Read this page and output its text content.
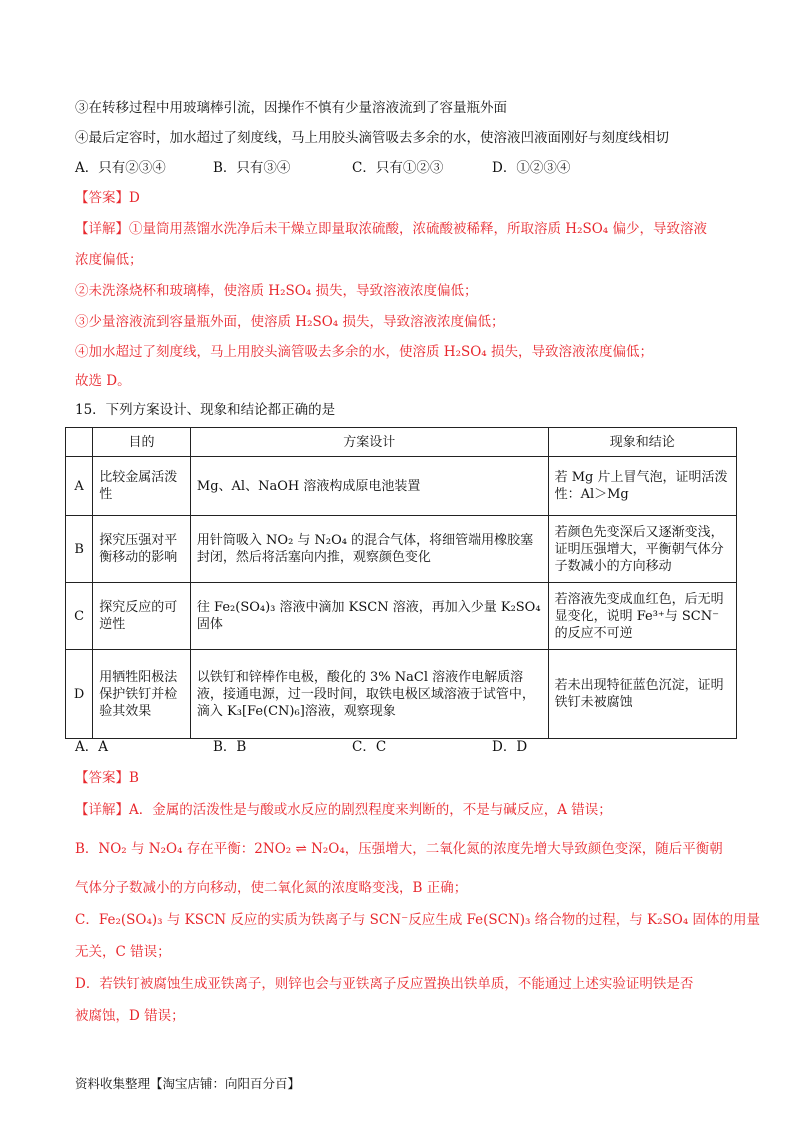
③在转移过程中用玻璃棒引流，因操作不慎有少量溶液流到了容量瓶外面
④最后定容时，加水超过了刻度线，马上用胶头滴管吸去多余的水，使溶液凹液面刚好与刻度线相切
A．只有②③④	B．只有③④	C．只有①②③	D．①②③④
【答案】D
【详解】①量筒用蒸馏水洗净后未干燥立即量取浓硫酸，浓硫酸被稀释，所取溶质 H₂SO₄ 偏少，导致溶液
浓度偏低；
②未洗涤烧杯和玻璃棒，使溶质 H₂SO₄ 损失，导致溶液浓度偏低；
③少量溶液流到容量瓶外面，使溶质 H₂SO₄ 损失，导致溶液浓度偏低；
④加水超过了刻度线，马上用胶头滴管吸去多余的水，使溶质 H₂SO₄ 损失，导致溶液浓度偏低；
故选 D。
15．下列方案设计、现象和结论都正确的是
	目的	方案设计	现象和结论
A	比较金属活泼性	Mg、Al、NaOH 溶液构成原电池装置	若 Mg 片上冒气泡，证明活泼性：Al＞Mg
B	探究压强对平衡移动的影响	用针筒吸入 NO₂ 与 N₂O₄ 的混合气体，将细管端用橡胶塞封闭，然后将活塞向内推，观察颜色变化	若颜色先变深后又逐渐变浅，证明压强增大，平衡朝气体分子数减小的方向移动
C	探究反应的可逆性	往 Fe₂(SO₄)₃ 溶液中滴加 KSCN 溶液，再加入少量 K₂SO₄ 固体	若溶液先变成血红色，后无明显变化，说明 Fe³⁺与 SCN⁻的反应不可逆
D	用牺牲阳极法保护铁钉并检验其效果	以铁钉和锌棒作电极，酸化的 3% NaCl 溶液作电解质溶液，接通电源，过一段时间，取铁电极区域溶液于试管中，滴入 K₃[Fe(CN)₆]溶液，观察现象	若未出现特征蓝色沉淀，证明铁钉未被腐蚀
A．A	B．B	C．C	D．D
【答案】B
【详解】A．金属的活泼性是与酸或水反应的剧烈程度来判断的，不是与碱反应，A 错误；
B．NO₂ 与 N₂O₄ 存在平衡：2NO₂ ⇌ N₂O₄，压强增大，二氧化氮的浓度先增大导致颜色变深，随后平衡朝
气体分子数减小的方向移动，使二氧化氮的浓度略变浅，B 正确；
C．Fe₂(SO₄)₃ 与 KSCN 反应的实质为铁离子与 SCN⁻反应生成 Fe(SCN)₃ 络合物的过程，与 K₂SO₄ 固体的用量
无关，C 错误；
D．若铁钉被腐蚀生成亚铁离子，则锌也会与亚铁离子反应置换出铁单质，不能通过上述实验证明铁是否
被腐蚀，D 错误；
资料收集整理【淘宝店铺：向阳百分百】
